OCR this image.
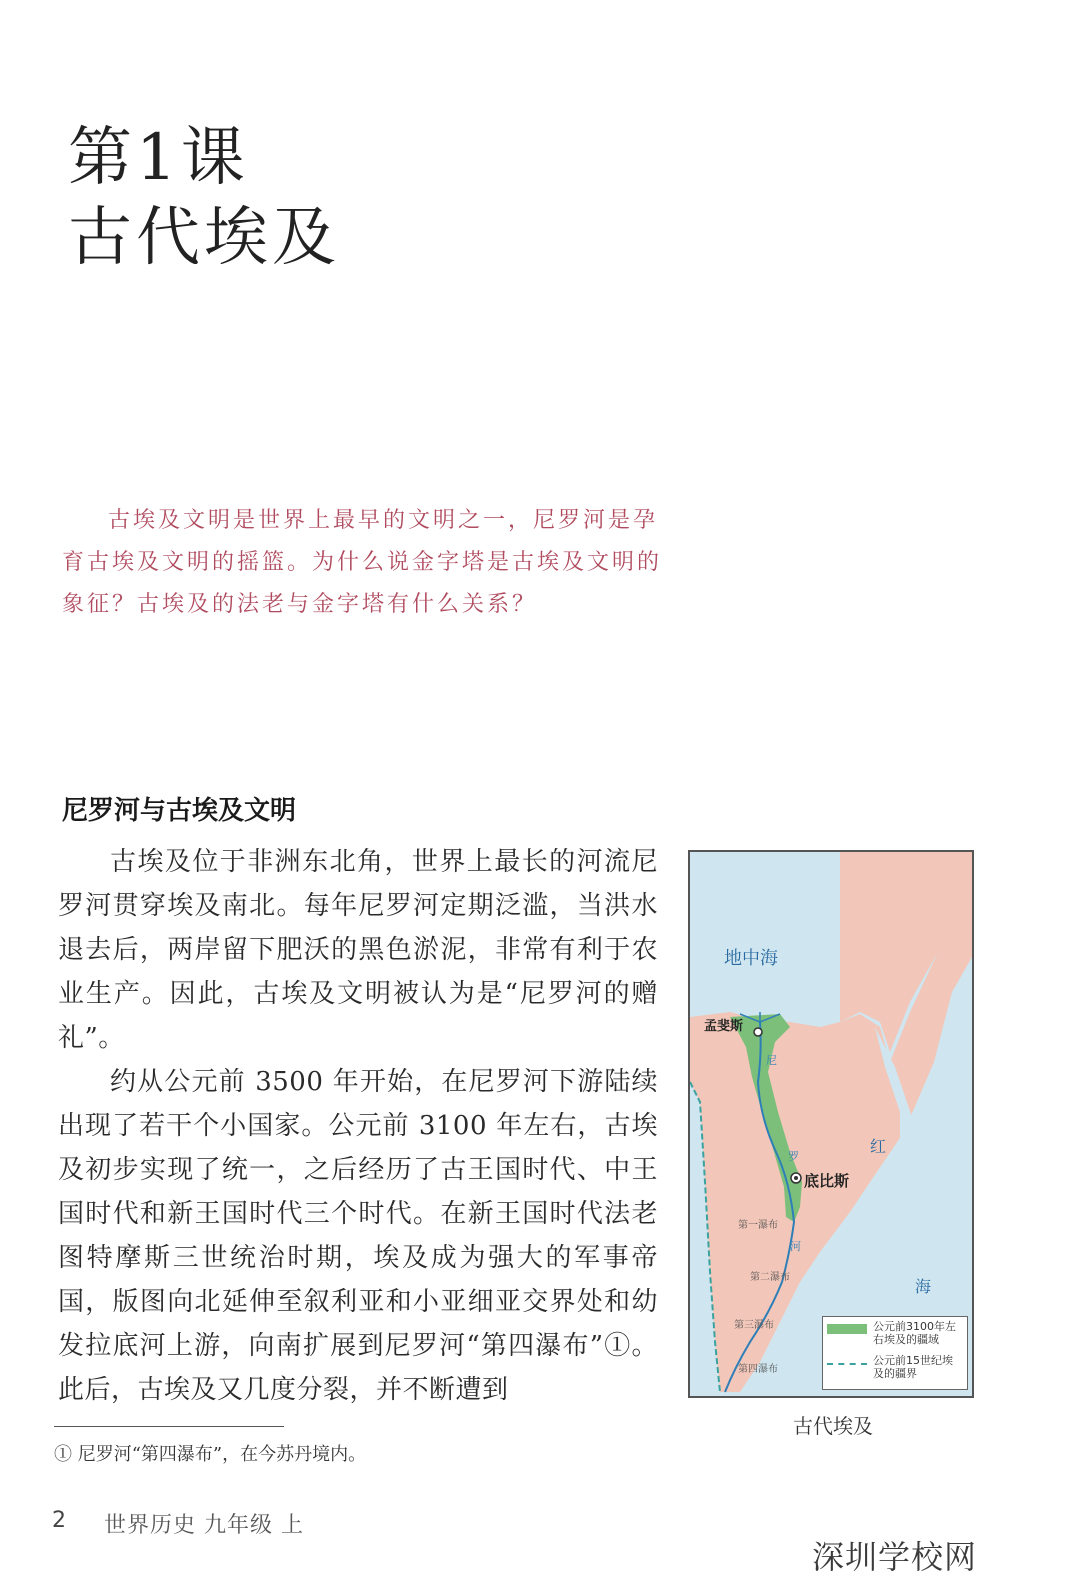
第1课
古代埃及
古埃及文明是世界上最早的文明之一，尼罗河是孕
育古埃及文明的摇篮。为什么说金字塔是古埃及文明的
象征？古埃及的法老与金字塔有什么关系？
尼罗河与古埃及文明

古埃及位于非洲东北角，世界上最长的河流尼罗河贯穿埃及南北。每年尼罗河定期泛滥，当洪水退去后，两岸留下肥沃的黑色淤泥，非常有利于农业生产。因此，古埃及文明被认为是“尼罗河的赠礼”。

约从公元前 3500 年开始，在尼罗河下游陆续出现了若干个小国家。公元前 3100 年左右，古埃及初步实现了统一，之后经历了古王国时代、中王国时代和新王国时代三个时代。在新王国时代法老图特摩斯三世统治时期，埃及成为强大的军事帝国，版图向北延伸至叙利亚和小亚细亚交界处和幼发拉底河上游，向南扩展到尼罗河“第四瀑布”①。此后，古埃及又几度分裂，并不断遭到

地中海
孟斐斯
底比斯
红
海
尼
罗
河
第一瀑布
第二瀑布
第三瀑布
第四瀑布
公元前3100年左右埃及的疆域
公元前15世纪埃及的疆界
古代埃及
① 尼罗河“第四瀑布”，在今苏丹境内。
2 世界历史 九年级 上
深圳学校网
